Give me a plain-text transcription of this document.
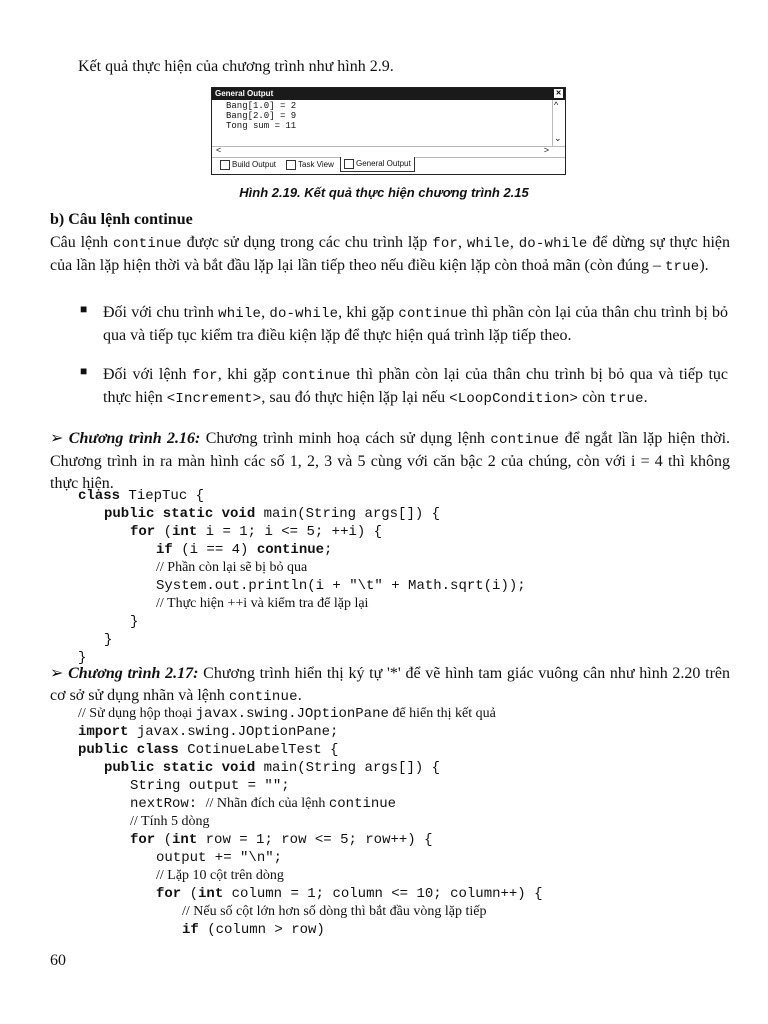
Kết quả thực hiện của chương trình như hình 2.9.
General Output	✕
Bang[1.0] = 2
Bang[2.0] = 9
Tong sum = 11
^
⌄
<	>
Build Output	Task View	General Output
Hình 2.19. Kết quả thực hiện chương trình 2.15
b) Câu lệnh continue
Câu lệnh continue được sử dụng trong các chu trình lặp for, while, do-while để dừng sự thực hiện của lần lặp hiện thời và bắt đầu lặp lại lần tiếp theo nếu điều kiện lặp còn thoả mãn (còn đúng – true).
■ Đối với chu trình while, do-while, khi gặp continue thì phần còn lại của thân chu trình bị bỏ qua và tiếp tục kiểm tra điều kiện lặp để thực hiện quá trình lặp tiếp theo.
■ Đối với lệnh for, khi gặp continue thì phần còn lại của thân chu trình bị bỏ qua và tiếp tục thực hiện <Increment>, sau đó thực hiện lặp lại nếu <LoopCondition> còn true.
➢ Chương trình 2.16: Chương trình minh hoạ cách sử dụng lệnh continue để ngắt lần lặp hiện thời. Chương trình in ra màn hình các số 1, 2, 3 và 5 cùng với căn bậc 2 của chúng, còn với i = 4 thì không thực hiện.
class TiepTuc {
public static void main(String args[]) {
for (int i = 1; i <= 5; ++i) {
if (i == 4) continue;
// Phần còn lại sẽ bị bỏ qua
System.out.println(i + "\t" + Math.sqrt(i));
// Thực hiện ++i và kiểm tra để lặp lại
}
}
}
➢ Chương trình 2.17: Chương trình hiển thị ký tự '*' để vẽ hình tam giác vuông cân như hình 2.20 trên cơ sở sử dụng nhãn và lệnh continue.
// Sử dụng hộp thoại javax.swing.JOptionPane để hiển thị kết quả
import javax.swing.JOptionPane;
public class CotinueLabelTest {
public static void main(String args[]) {
String output = "";
nextRow: // Nhãn đích của lệnh continue
// Tính 5 dòng
for (int row = 1; row <= 5; row++) {
output += "\n";
// Lặp 10 cột trên dòng
for (int column = 1; column <= 10; column++) {
// Nếu số cột lớn hơn số dòng thì bắt đầu vòng lặp tiếp
if (column > row)
60
